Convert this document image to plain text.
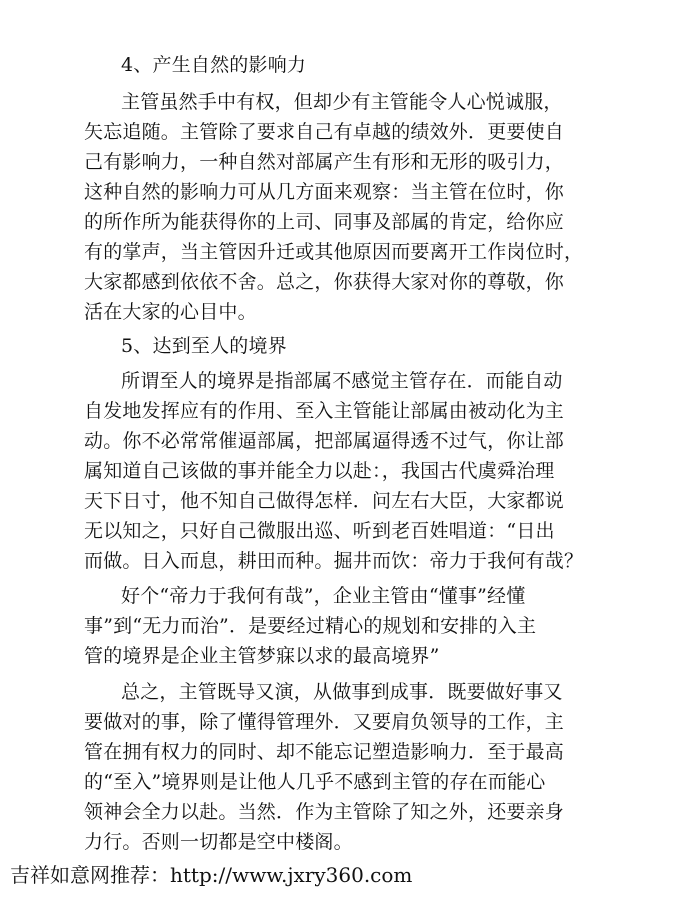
4、产生自然的影响力
主管虽然手中有权，但却少有主管能令人心悦诚服，
矢忘追随。主管除了要求自己有卓越的绩效外．更要使自
己有影响力，一种自然对部属产生有形和无形的吸引力，
这种自然的影响力可从几方面来观察：当主管在位时，你
的所作所为能获得你的上司、同事及部属的肯定，给你应
有的掌声，当主管因升迁或其他原因而要离开工作岗位时，
大家都感到依依不舍。总之，你获得大家对你的尊敬，你
活在大家的心目中。
5、达到至人的境界
所谓至人的境界是指部属不感觉主管存在．而能自动
自发地发挥应有的作用、至入主管能让部属由被动化为主
动。你不必常常催逼部属，把部属逼得透不过气，你让部
属知道自己该做的事并能全力以赴：，我国古代虞舜治理
天下日寸，他不知自己做得怎样．问左右大臣，大家都说
无以知之，只好自己微服出巡、听到老百姓唱道：“日出
而做。日入而息，耕田而种。掘井而饮：帝力于我何有哉？
好个“帝力于我何有哉”，企业主管由“懂事”经懂
事”到“无力而治”．是要经过精心的规划和安排的入主
管的境界是企业主管梦寐以求的最高境界”
总之，主管既导又演，从做事到成事．既要做好事又
要做对的事，除了懂得管理外．又要肩负领导的工作，主
管在拥有权力的同时、却不能忘记塑造影响力．至于最高
的“至入”境界则是让他人几乎不感到主管的存在而能心
领神会全力以赴。当然．作为主管除了知之外，还要亲身
力行。否则一切都是空中楼阁。
吉祥如意网推荐：http://www.jxry360.com
